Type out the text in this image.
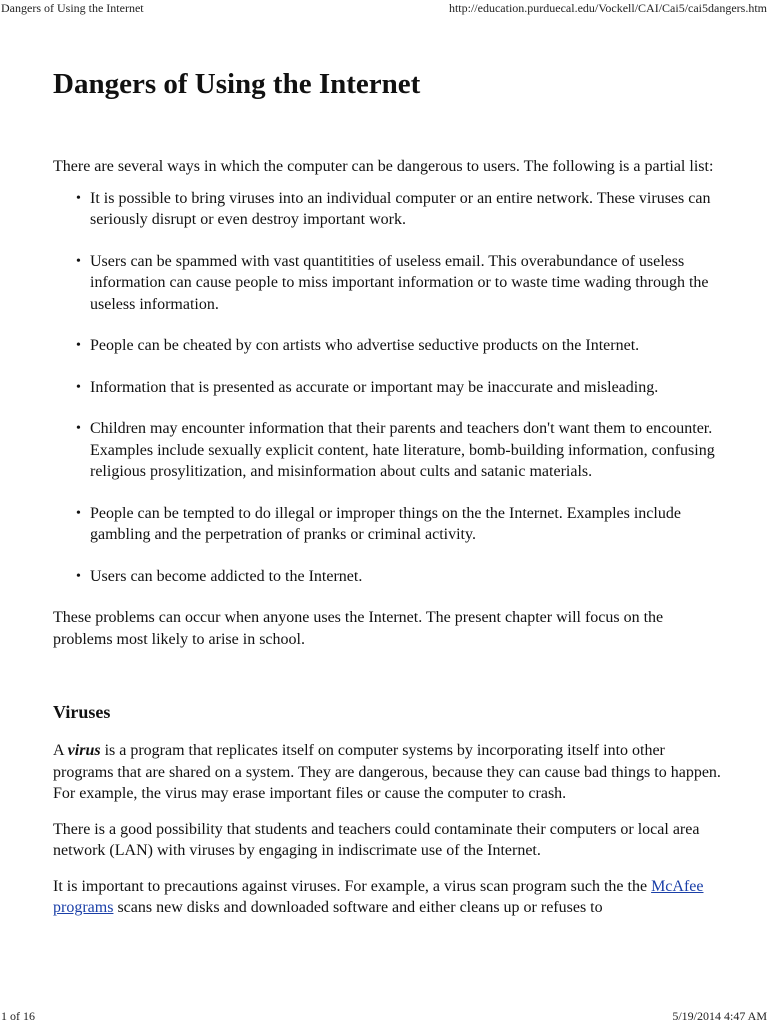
Dangers of Using the Internet	http://education.purduecal.edu/Vockell/CAI/Cai5/cai5dangers.htm
Dangers of Using the Internet

There are several ways in which the computer can be dangerous to users. The following is a partial list:

• It is possible to bring viruses into an individual computer or an entire network. These viruses can seriously disrupt or even destroy important work.
• Users can be spammed with vast quantitities of useless email. This overabundance of useless information can cause people to miss important information or to waste time wading through the useless information.
• People can be cheated by con artists who advertise seductive products on the Internet.
• Information that is presented as accurate or important may be inaccurate and misleading.
• Children may encounter information that their parents and teachers don't want them to encounter. Examples include sexually explicit content, hate literature, bomb-building information, confusing religious prosylitization, and misinformation about cults and satanic materials.
• People can be tempted to do illegal or improper things on the the Internet. Examples include gambling and the perpetration of pranks or criminal activity.
• Users can become addicted to the Internet.

These problems can occur when anyone uses the Internet. The present chapter will focus on the problems most likely to arise in school.

Viruses

A virus is a program that replicates itself on computer systems by incorporating itself into other programs that are shared on a system. They are dangerous, because they can cause bad things to happen. For example, the virus may erase important files or cause the computer to crash.

There is a good possibility that students and teachers could contaminate their computers or local area network (LAN) with viruses by engaging in indiscrimate use of the Internet.

It is important to precautions against viruses. For example, a virus scan program such the the McAfee programs scans new disks and downloaded software and either cleans up or refuses to

1 of 16	5/19/2014 4:47 AM
